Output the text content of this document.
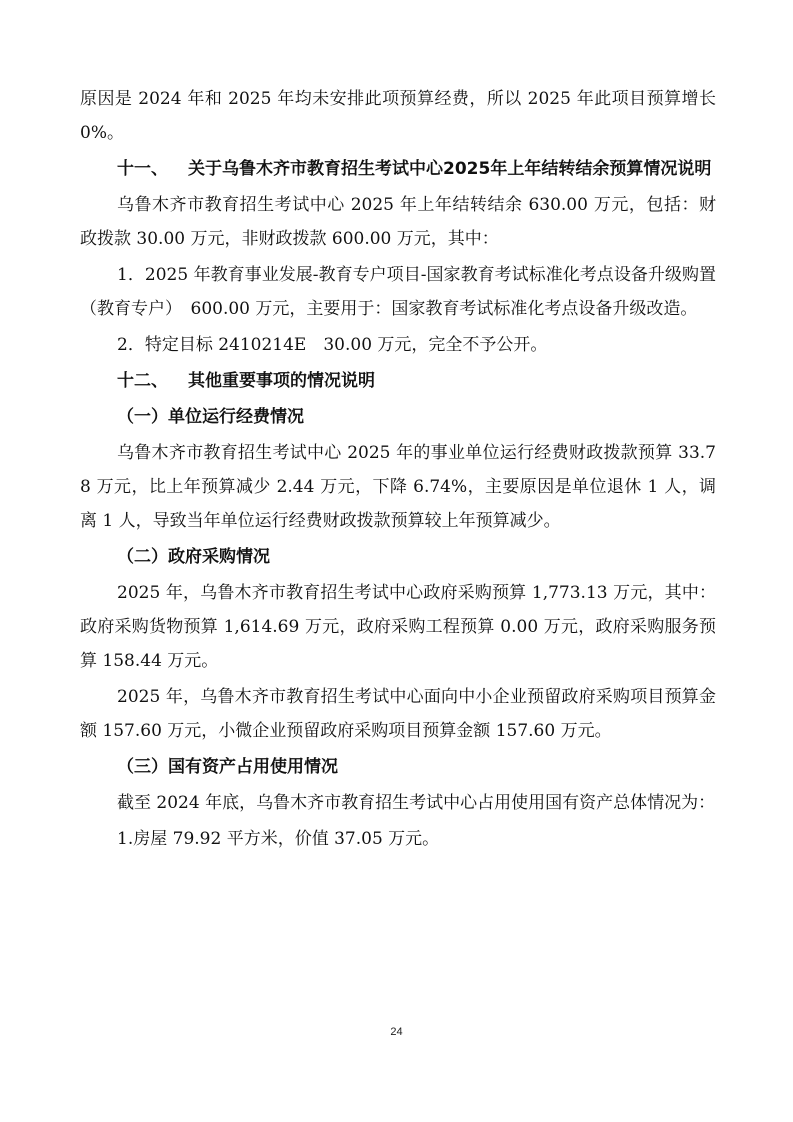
原因是 2024 年和 2025 年均未安排此项预算经费，所以 2025 年此项目预算增长 0%。

十一、 关于乌鲁木齐市教育招生考试中心2025年上年结转结余预算情况说明

乌鲁木齐市教育招生考试中心 2025 年上年结转结余 630.00 万元，包括：财政拨款 30.00 万元，非财政拨款 600.00 万元，其中：

1．2025 年教育事业发展-教育专户项目-国家教育考试标准化考点设备升级购置（教育专户）　600.00 万元，主要用于：国家教育考试标准化考点设备升级改造。

2．特定目标 2410214E　30.00 万元，完全不予公开。

十二、 其他重要事项的情况说明

（一）单位运行经费情况

乌鲁木齐市教育招生考试中心 2025 年的事业单位运行经费财政拨款预算 33.78 万元，比上年预算减少 2.44 万元，下降 6.74%，主要原因是单位退休 1 人，调离 1 人，导致当年单位运行经费财政拨款预算较上年预算减少。

（二）政府采购情况

2025 年，乌鲁木齐市教育招生考试中心政府采购预算 1,773.13 万元，其中：政府采购货物预算 1,614.69 万元，政府采购工程预算 0.00 万元，政府采购服务预算 158.44 万元。

2025 年，乌鲁木齐市教育招生考试中心面向中小企业预留政府采购项目预算金额 157.60 万元，小微企业预留政府采购项目预算金额 157.60 万元。

（三）国有资产占用使用情况

截至 2024 年底，乌鲁木齐市教育招生考试中心占用使用国有资产总体情况为：

1.房屋 79.92 平方米，价值 37.05 万元。

24
